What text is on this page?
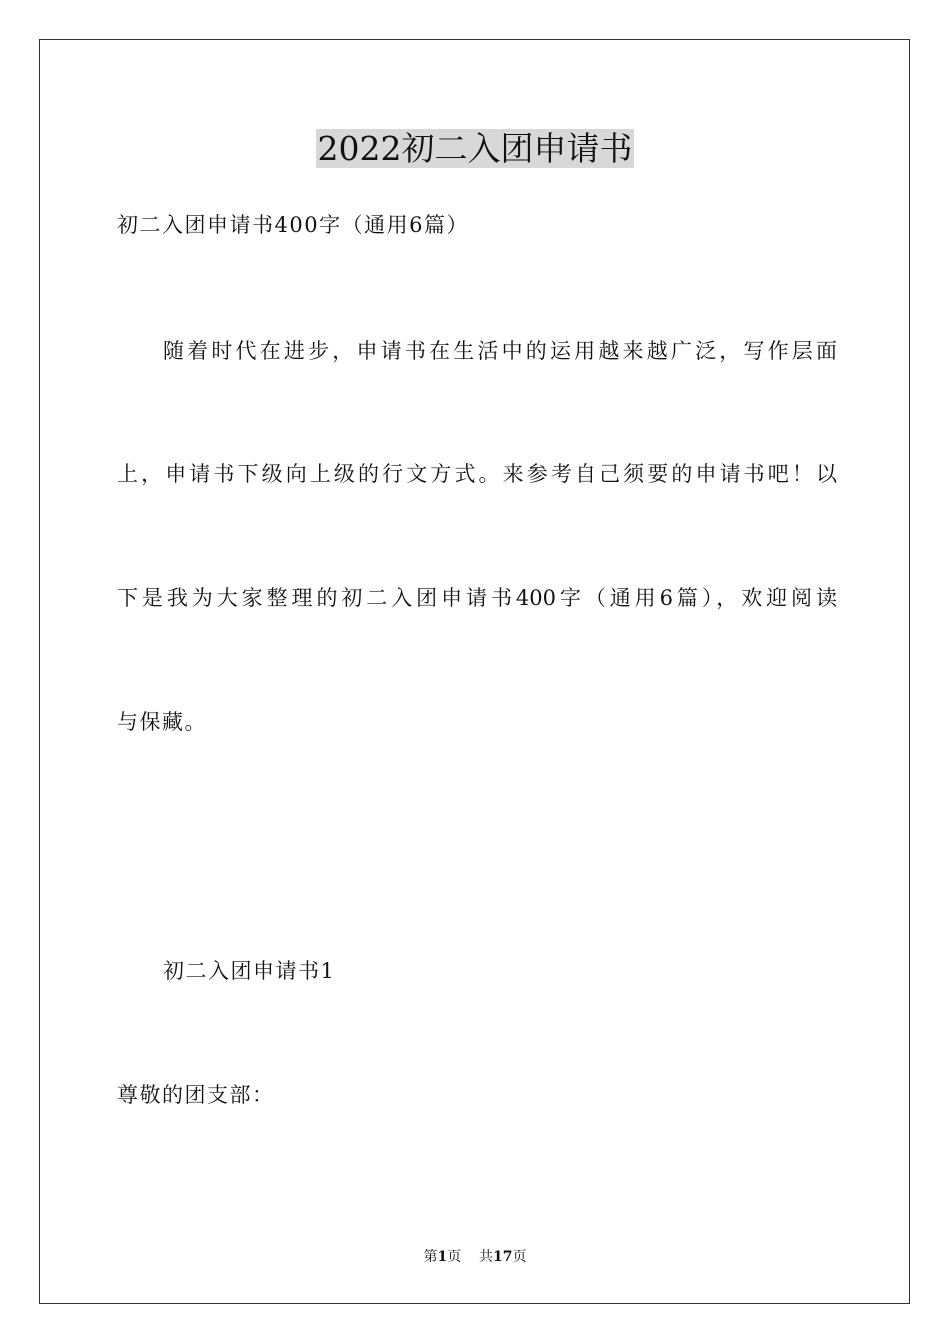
2022初二入团申请书

初二入团申请书400字（通用6篇）

随着时代在进步，申请书在生活中的运用越来越广泛，写作层面

上，申请书下级向上级的行文方式。来参考自己须要的申请书吧！以

下是我为大家整理的初二入团申请书400字（通用6篇），欢迎阅读

与保藏。

初二入团申请书1

尊敬的团支部：

第1页 共17页
